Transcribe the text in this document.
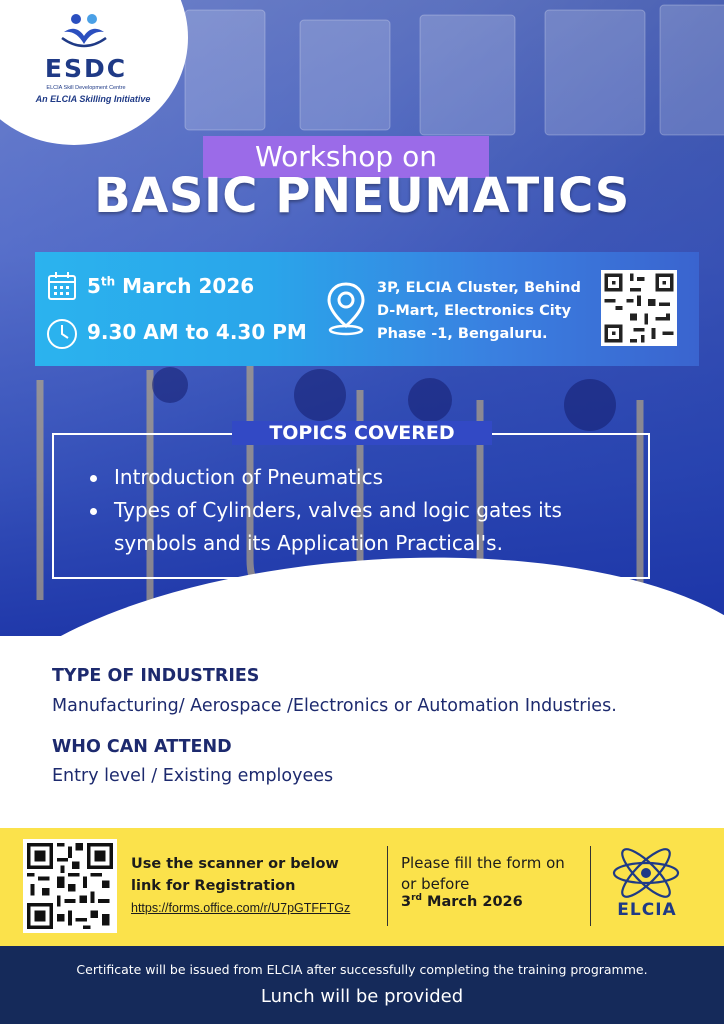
ESDC
ELCIA Skill Development Centre
An ELCIA Skilling Initiative
Workshop on
BASIC PNEUMATICS
5th March 2026
9.30 AM to 4.30 PM
3P, ELCIA Cluster, Behind D-Mart, Electronics City Phase -1, Bengaluru.
TOPICS COVERED
Introduction of Pneumatics
Types of Cylinders, valves and logic gates its symbols and its Application Practical's.
TYPE OF INDUSTRIES
Manufacturing/ Aerospace /Electronics or Automation Industries.
WHO CAN ATTEND
Entry level / Existing employees
Use the scanner or below link for Registration
https://forms.office.com/r/U7pGTFFTGz
Please fill the form on or before
3rd March 2026	ELCIA
Certificate will be issued from ELCIA after successfully completing the training programme.
Lunch will be provided
